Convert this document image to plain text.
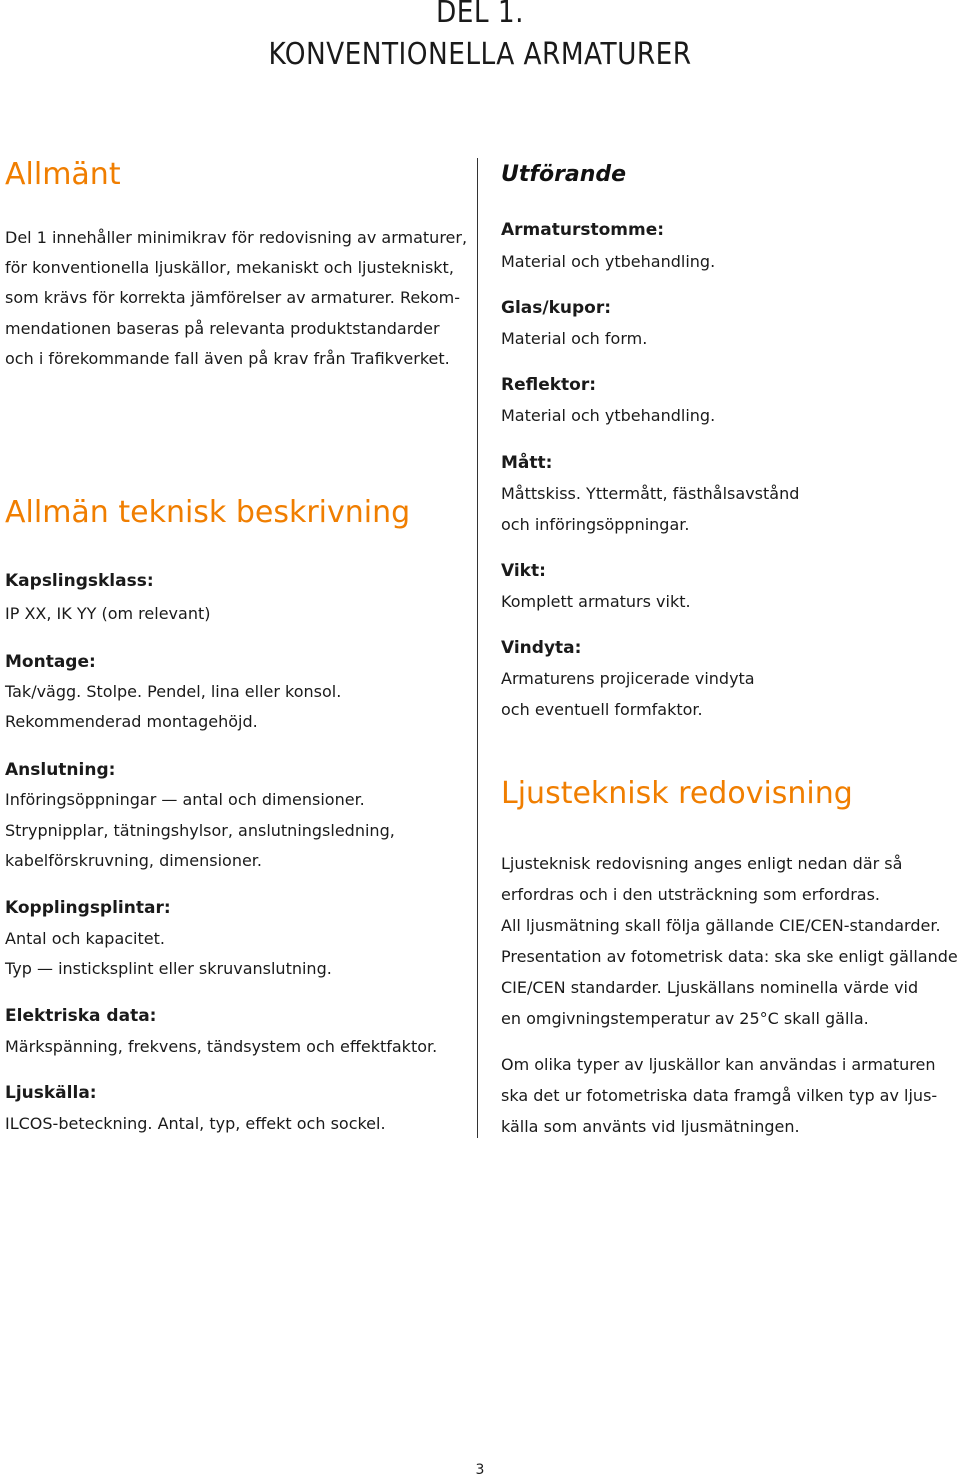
DEL 1.
KONVENTIONELLA ARMATURER
Allmänt
Del 1 innehåller minimikrav för redovisning av armaturer,
för konventionella ljuskällor, mekaniskt och ljustekniskt,
som krävs för korrekta jämförelser av armaturer. Rekom-
mendationen baseras på relevanta produktstandarder
och i förekommande fall även på krav från Trafikverket.
Allmän teknisk beskrivning
Kapslingsklass:
IP XX, IK YY (om relevant)
Montage:
Tak/vägg. Stolpe. Pendel, lina eller konsol.
Rekommenderad montagehöjd.
Anslutning:
Införingsöppningar — antal och dimensioner.
Strypnipplar, tätningshylsor, anslutningsledning,
kabelförskruvning, dimensioner.
Kopplingsplintar:
Antal och kapacitet.
Typ — insticksplint eller skruvanslutning.
Elektriska data:
Märkspänning, frekvens, tändsystem och effektfaktor.
Ljuskälla:
ILCOS-beteckning. Antal, typ, effekt och sockel.
Utförande
Armaturstomme:
Material och ytbehandling.
Glas/kupor:
Material och form.
Reflektor:
Material och ytbehandling.
Mått:
Måttskiss. Yttermått, fästhålsavstånd
och införingsöppningar.
Vikt:
Komplett armaturs vikt.
Vindyta:
Armaturens projicerade vindyta
och eventuell formfaktor.
Ljusteknisk redovisning
Ljusteknisk redovisning anges enligt nedan där så
erfordras och i den utsträckning som erfordras.
All ljusmätning skall följa gällande CIE/CEN-standarder.
Presentation av fotometrisk data: ska ske enligt gällande
CIE/CEN standarder. Ljuskällans nominella värde vid
en omgivningstemperatur av 25°C skall gälla.
Om olika typer av ljuskällor kan användas i armaturen
ska det ur fotometriska data framgå vilken typ av ljus-
källa som använts vid ljusmätningen.
3
